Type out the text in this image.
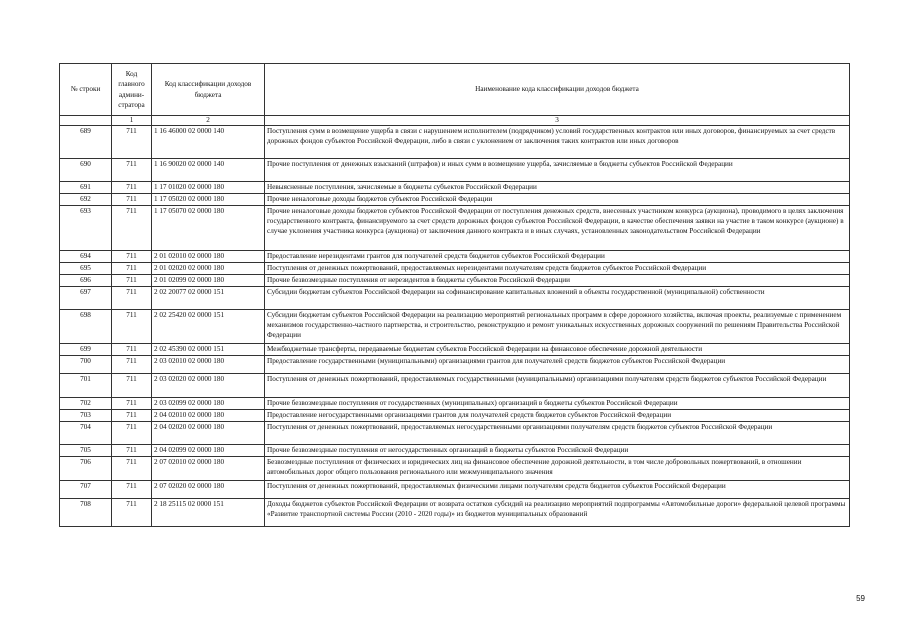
№ строки	Код главного админи-стратора	Код классификации доходов бюджета	Наименование кода классификации доходов бюджета
	1	2	3
689	711	1 16 46000 02 0000 140	Поступления сумм в возмещение ущерба в связи с нарушением исполнителем (подрядчиком) условий государственных контрактов или иных договоров, финансируемых за счет средств дорожных фондов субъектов Российской Федерации, либо в связи с уклонением от заключения таких контрактов или иных договоров
690	711	1 16 90020 02 0000 140	Прочие поступления от денежных взысканий (штрафов) и иных сумм в возмещение ущерба, зачисляемые в бюджеты субъектов Российской Федерации
691	711	1 17 01020 02 0000 180	Невыясненные поступления, зачисляемые в бюджеты субъектов Российской Федерации
692	711	1 17 05020 02 0000 180	Прочие неналоговые доходы бюджетов субъектов Российской Федерации
693	711	1 17 05070 02 0000 180	Прочие неналоговые доходы бюджетов субъектов Российской Федерации от поступления денежных средств, внесенных участником конкурса (аукциона), проводимого в целях заключения государственного контракта, финансируемого за счет средств дорожных фондов субъектов Российской Федерации, в качестве обеспечения заявки на участие в таком конкурсе (аукционе) в случае уклонения участника конкурса (аукциона) от заключения данного контракта и в иных случаях, установленных законодательством Российской Федерации
694	711	2 01 02010 02 0000 180	Предоставление нерезидентами грантов для получателей средств бюджетов субъектов Российской Федерации
695	711	2 01 02020 02 0000 180	Поступления от денежных пожертвований, предоставляемых нерезидентами получателям средств бюджетов субъектов Российской Федерации
696	711	2 01 02099 02 0000 180	Прочие безвозмездные поступления от нерезидентов в бюджеты субъектов Российской Федерации
697	711	2 02 20077 02 0000 151	Субсидии бюджетам субъектов Российской Федерации на софинансирование капитальных вложений в объекты государственной (муниципальной) собственности
698	711	2 02 25420 02 0000 151	Субсидии бюджетам субъектов Российской Федерации на реализацию мероприятий региональных программ в сфере дорожного хозяйства, включая проекты, реализуемые с применением механизмов государственно-частного партнерства, и строительство, реконструкцию и ремонт уникальных искусственных дорожных сооружений по решениям Правительства Российской Федерации
699	711	2 02 45390 02 0000 151	Межбюджетные трансферты, передаваемые бюджетам субъектов Российской Федерации на финансовое обеспечение дорожной деятельности
700	711	2 03 02010 02 0000 180	Предоставление государственными (муниципальными) организациями грантов для получателей средств бюджетов субъектов Российской Федерации
701	711	2 03 02020 02 0000 180	Поступления от денежных пожертвований, предоставляемых государственными (муниципальными) организациями получателям средств бюджетов субъектов Российской Федерации
702	711	2 03 02099 02 0000 180	Прочие безвозмездные поступления от государственных (муниципальных) организаций в бюджеты субъектов Российской Федерации
703	711	2 04 02010 02 0000 180	Предоставление негосударственными организациями грантов для получателей средств бюджетов субъектов Российской Федерации
704	711	2 04 02020 02 0000 180	Поступления от денежных пожертвований, предоставляемых негосударственными организациями получателям средств бюджетов субъектов Российской Федерации
705	711	2 04 02099 02 0000 180	Прочие безвозмездные поступления от негосударственных организаций в бюджеты субъектов Российской Федерации
706	711	2 07 02010 02 0000 180	Безвозмездные поступления от физических и юридических лиц на финансовое обеспечение дорожной деятельности, в том числе добровольных пожертвований, в отношении автомобильных дорог общего пользования регионального или межмуниципального значения
707	711	2 07 02020 02 0000 180	Поступления от денежных пожертвований, предоставляемых физическими лицами получателям средств бюджетов субъектов Российской Федерации
708	711	2 18 25115 02 0000 151	Доходы бюджетов субъектов Российской Федерации от возврата остатков субсидий на реализацию мероприятий подпрограммы «Автомобильные дороги» федеральной целевой программы «Развитие транспортной системы России (2010 - 2020 годы)» из бюджетов муниципальных образований
59
